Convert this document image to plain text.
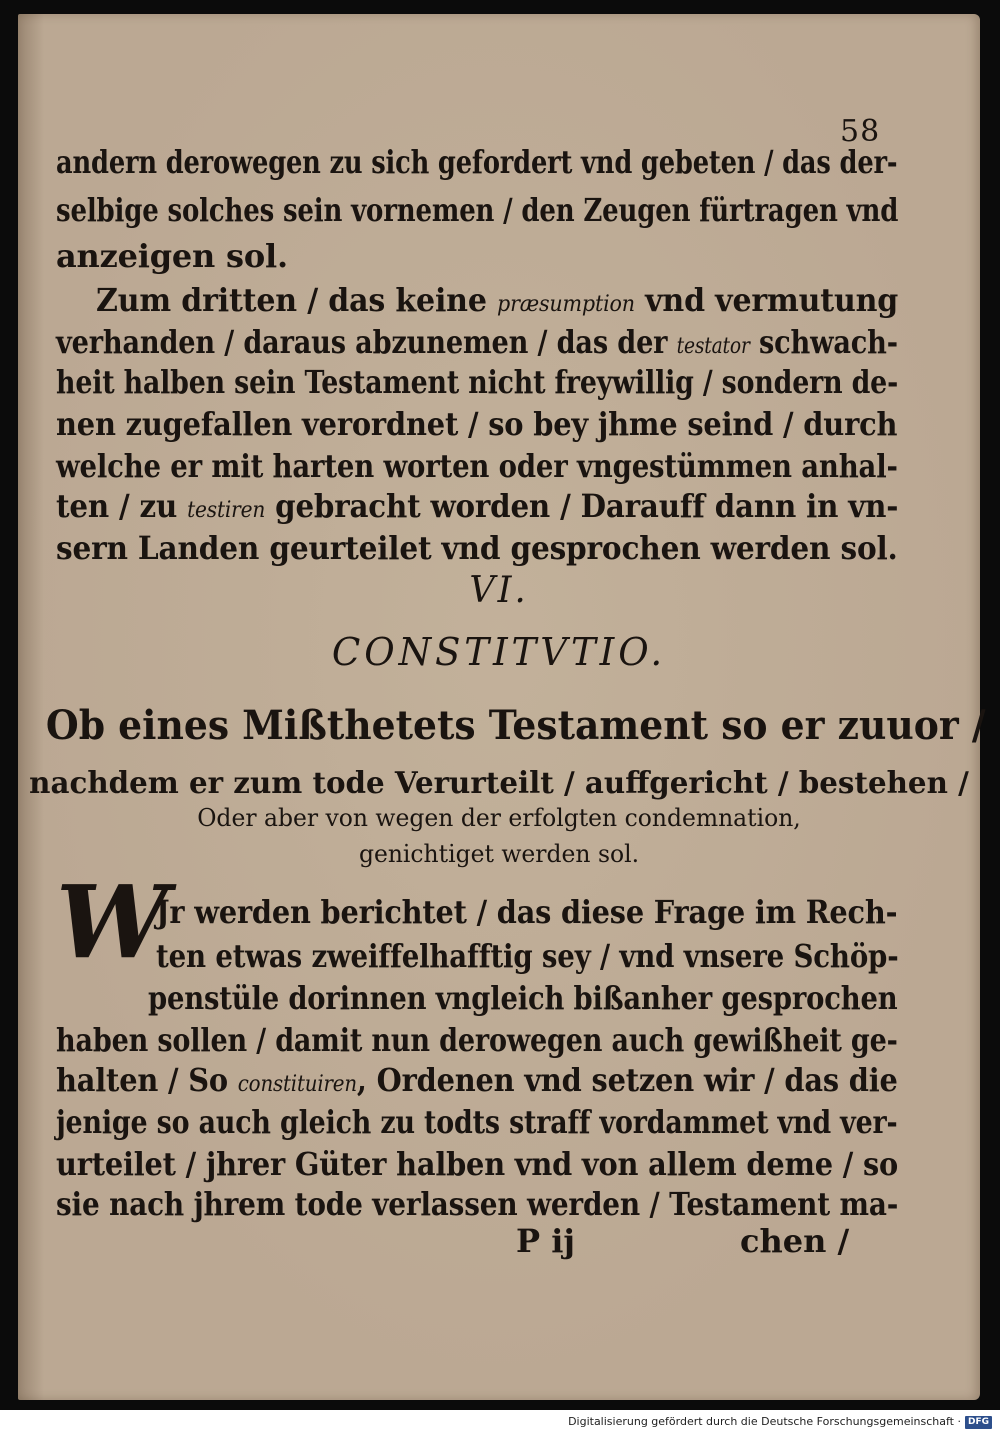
58
andern derowegen zu sich gefordert vnd gebeten / das der-
selbige solches sein vornemen / den Zeugen fürtragen vnd
anzeigen sol.
Zum dritten / das keine præsumption vnd vermutung
verhanden / daraus abzunemen / das der testator schwach-
heit halben sein Testament nicht freywillig / sondern de-
nen zugefallen verordnet / so bey jhme seind / durch
welche er mit harten worten oder vngestümmen anhal-
ten / zu testiren gebracht worden / Darauff dann in vn-
sern Landen geurteilet vnd gesprochen werden sol.
VI.
CONSTITVTIO.
Ob eines Mißthetets Testament so er zuuor /
nachdem er zum tode Verurteilt / auffgericht / bestehen /
Oder aber von wegen der erfolgten condemnation,
genichtiget werden sol.
W
Jr werden berichtet / das diese Frage im Rech-
ten etwas zweiffelhafftig sey / vnd vnsere Schöp-
penstüle dorinnen vngleich bißanher gesprochen
haben sollen / damit nun derowegen auch gewißheit ge-
halten / So constituiren, Ordenen vnd setzen wir / das die
jenige so auch gleich zu todts straff vordammet vnd ver-
urteilet / jhrer Güter halben vnd von allem deme / so
sie nach jhrem tode verlassen werden / Testament ma-
P ij	chen /
Digitalisierung gefördert durch die Deutsche Forschungsgemeinschaft · DFG
